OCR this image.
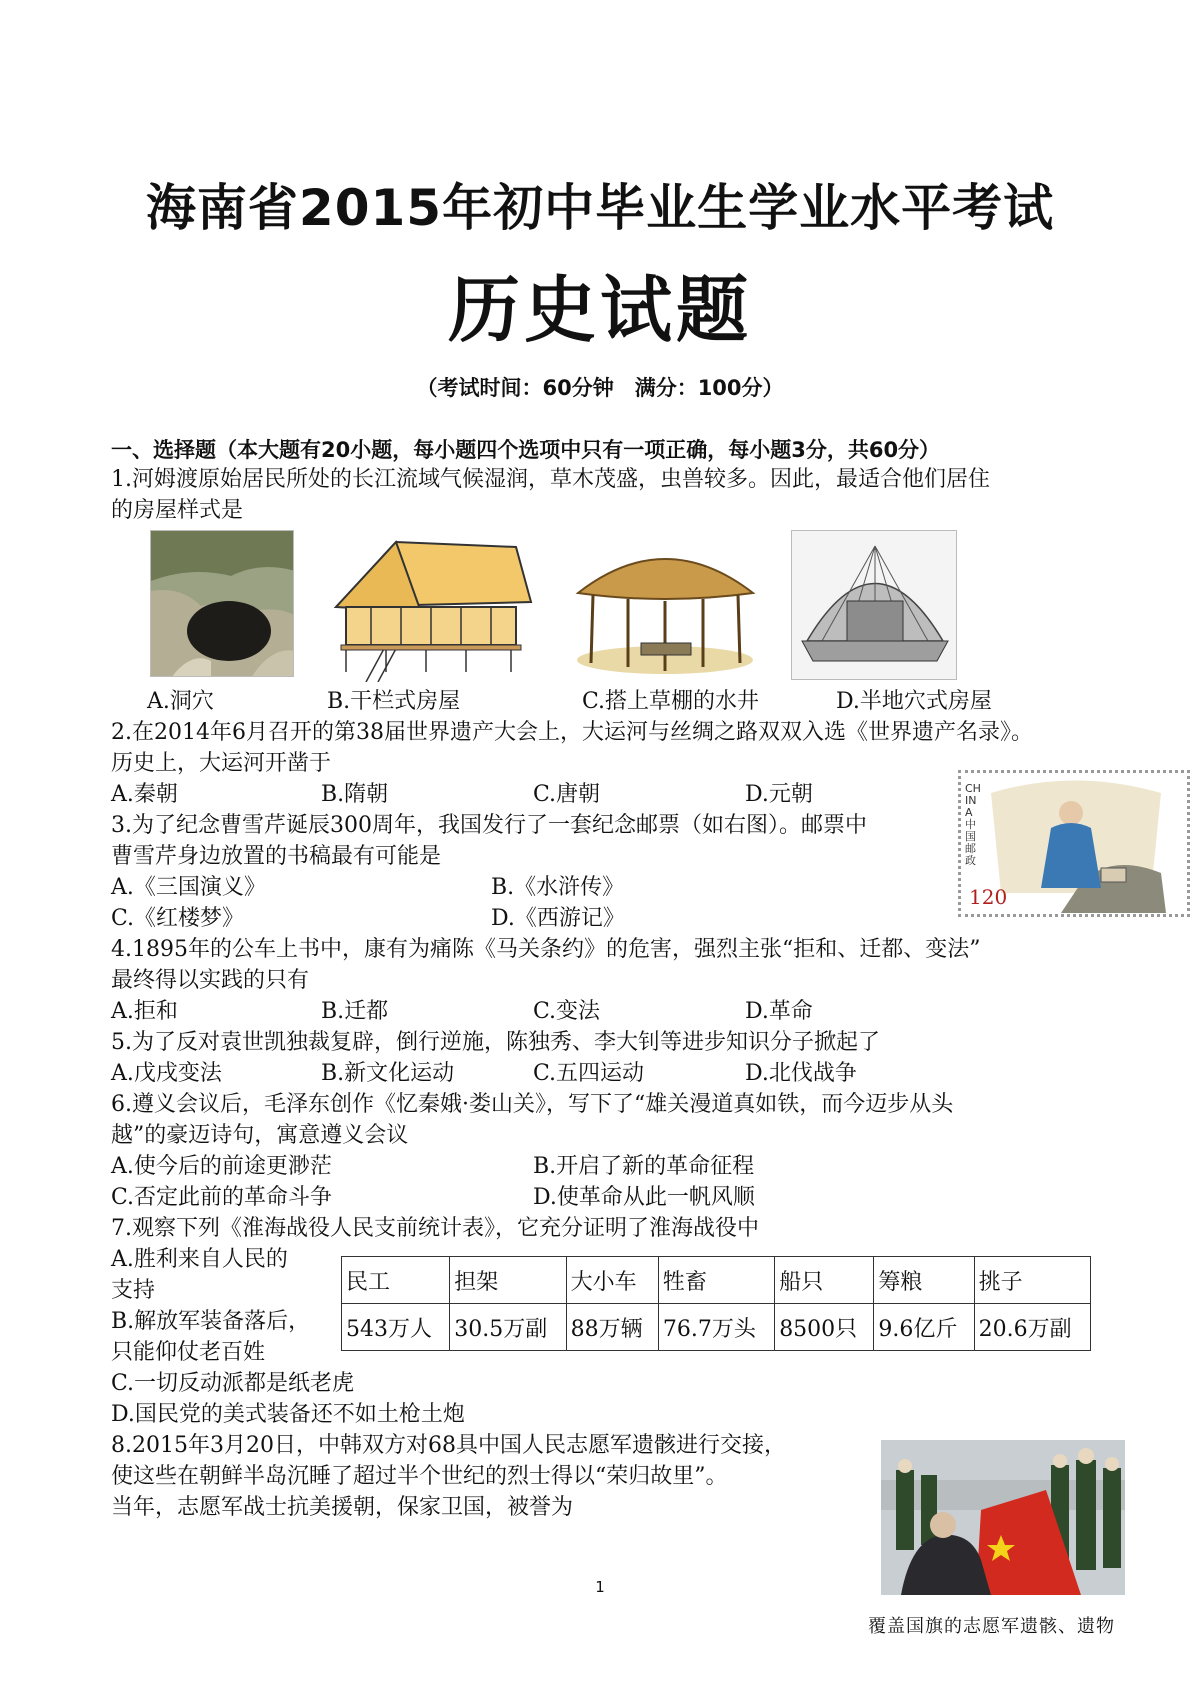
海南省2015年初中毕业生学业水平考试
历史试题
（考试时间：60分钟　满分：100分）
一、选择题（本大题有20小题，每小题四个选项中只有一项正确，每小题3分，共60分）
1.河姆渡原始居民所处的长江流域气候湿润，草木茂盛，虫兽较多。因此，最适合他们居住
的房屋样式是
A.洞穴	B.干栏式房屋	C.搭上草棚的水井	D.半地穴式房屋
2.在2014年6月召开的第38届世界遗产大会上，大运河与丝绸之路双双入选《世界遗产名录》。
历史上，大运河开凿于
A.秦朝	B.隋朝	C.唐朝	D.元朝	CHINA 中国邮政
120
3.为了纪念曹雪芹诞辰300周年，我国发行了一套纪念邮票（如右图）。邮票中
曹雪芹身边放置的书稿最有可能是
A.《三国演义》	B.《水浒传》
C.《红楼梦》	D.《西游记》
4.1895年的公车上书中，康有为痛陈《马关条约》的危害，强烈主张“拒和、迁都、变法”
最终得以实践的只有
A.拒和	B.迁都	C.变法	D.革命
5.为了反对袁世凯独裁复辟，倒行逆施，陈独秀、李大钊等进步知识分子掀起了
A.戊戌变法	B.新文化运动	C.五四运动	D.北伐战争
6.遵义会议后，毛泽东创作《忆秦娥·娄山关》，写下了“雄关漫道真如铁，而今迈步从头
越”的豪迈诗句，寓意遵义会议
A.使今后的前途更渺茫	B.开启了新的革命征程
C.否定此前的革命斗争	D.使革命从此一帆风顺
7.观察下列《淮海战役人民支前统计表》，它充分证明了淮海战役中
A.胜利来自人民的
支持
B.解放军装备落后，
只能仰仗老百姓
C.一切反动派都是纸老虎
D.国民党的美式装备还不如土枪土炮
民工	担架	大小车	牲畜	船只	筹粮	挑子
543万人	30.5万副	88万辆	76.7万头	8500只	9.6亿斤	20.6万副
8.2015年3月20日，中韩双方对68具中国人民志愿军遗骸进行交接，
使这些在朝鲜半岛沉睡了超过半个世纪的烈士得以“荣归故里”。
当年，志愿军战士抗美援朝，保家卫国，被誉为
1
覆盖国旗的志愿军遗骸、遗物
